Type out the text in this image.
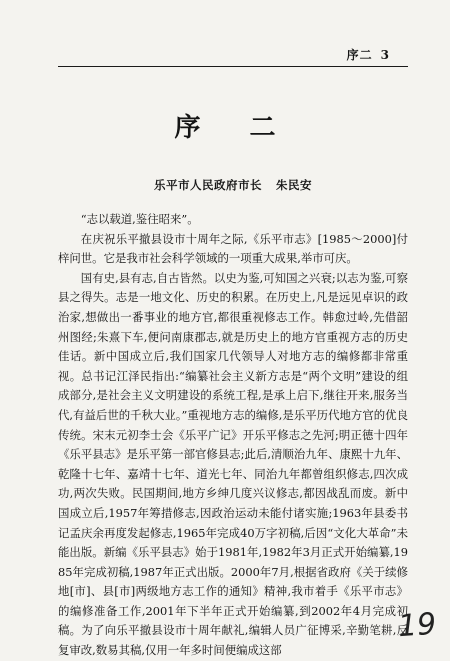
序二 3
序 二
乐平市人民政府市长 朱民安

“志以载道,鉴往昭来”。

在庆祝乐平撤县设市十周年之际,《乐平市志》[1985～2000]付梓问世。它是我市社会科学领域的一项重大成果,举市可庆。

国有史,县有志,自古皆然。以史为鉴,可知国之兴衰;以志为鉴,可察县之得失。志是一地文化、历史的积累。在历史上,凡是远见卓识的政治家,想做出一番事业的地方官,都很重视修志工作。韩愈过岭,先借韶州图经;朱熹下车,便问南康郡志,就是历史上的地方官重视方志的历史佳话。新中国成立后,我们国家几代领导人对地方志的编修都非常重视。总书记江泽民指出:“编纂社会主义新方志是“两个文明”建设的组成部分,是社会主义文明建设的系统工程,是承上启下,继往开来,服务当代,有益后世的千秋大业。”重视地方志的编修,是乐平历代地方官的优良传统。宋末元初李士会《乐平广记》开乐平修志之先河;明正德十四年《乐平县志》是乐平第一部官修县志;此后,清顺治九年、康熙十九年、乾隆十七年、嘉靖十七年、道光七年、同治九年都曾组织修志,四次成功,两次失败。民国期间,地方乡绅几度兴议修志,都因战乱而废。新中国成立后,1957年筹措修志,因政治运动未能付诸实施;1963年县委书记孟庆余再度发起修志,1965年完成40万字初稿,后因“文化大革命”未能出版。新编《乐平县志》始于1981年,1982年3月正式开始编纂,1985年完成初稿,1987年正式出版。2000年7月,根据省政府《关于续修地[市]、县[市]两级地方志工作的通知》精神,我市着手《乐平市志》的编修准备工作,2001年下半年正式开始编纂,到2002年4月完成初稿。为了向乐平撤县设市十周年献礼,编辑人员广征博采,辛勤笔耕,反复审改,数易其稿,仅用一年多时间便编成这部

19
